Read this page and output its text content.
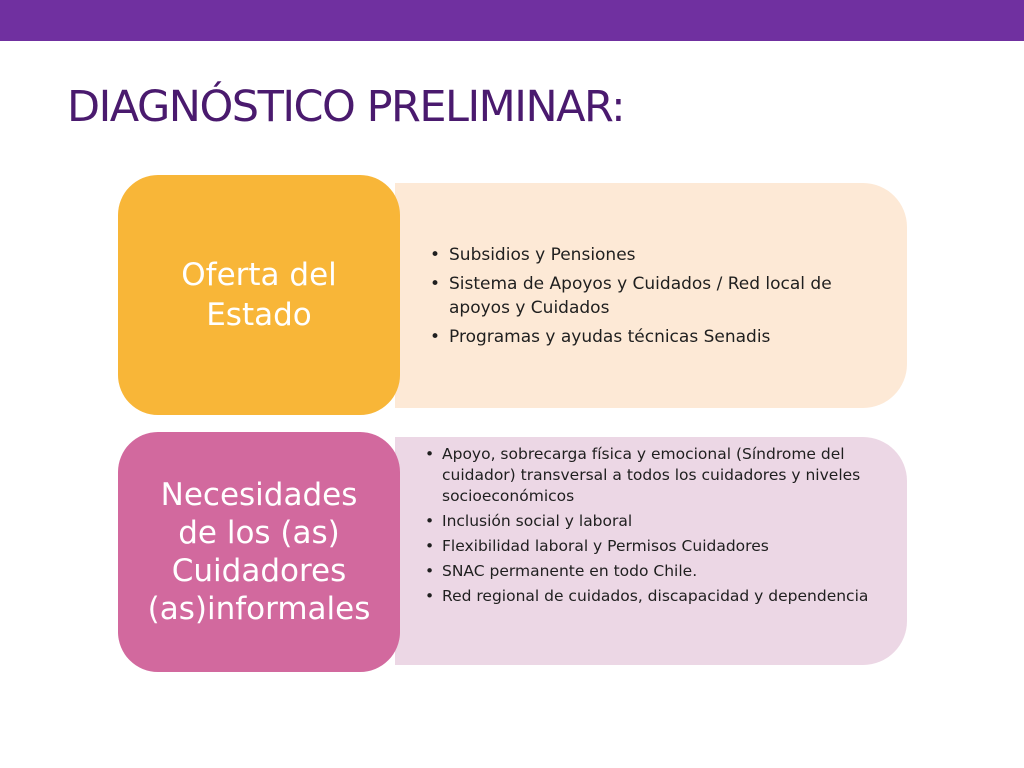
DIAGNÓSTICO PRELIMINAR:
Oferta del
Estado
• Subsidios y Pensiones
• Sistema de Apoyos y Cuidados / Red local de apoyos y Cuidados
• Programas y ayudas técnicas Senadis
Necesidades
de los (as)
Cuidadores
(as)informales
• Apoyo, sobrecarga física y emocional (Síndrome del cuidador) transversal a todos los cuidadores y niveles socioeconómicos
• Inclusión social y laboral
• Flexibilidad laboral y Permisos Cuidadores
• SNAC permanente en todo Chile.
• Red regional de cuidados, discapacidad y dependencia
